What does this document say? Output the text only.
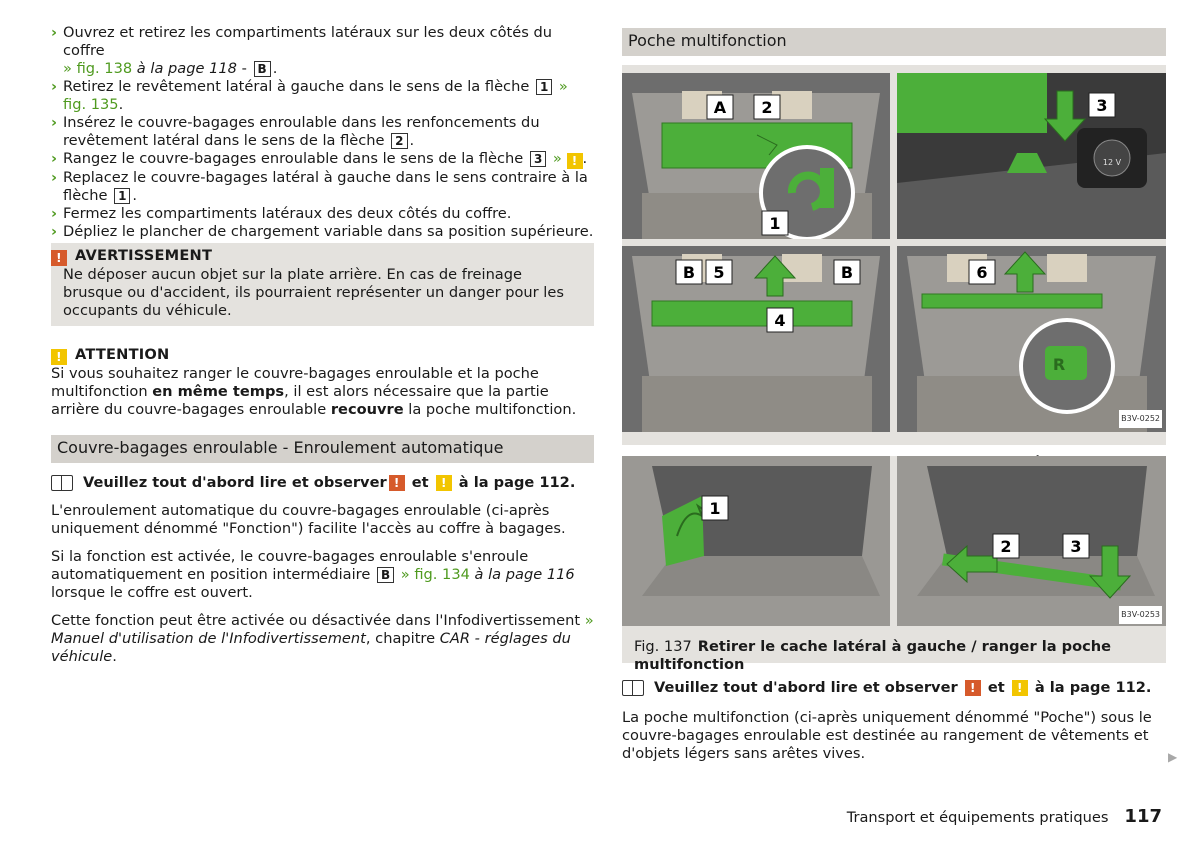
› Ouvrez et retirez les compartiments latéraux sur les deux côtés du coffre
» fig. 138 à la page 118 - B .
› Retirez le revêtement latéral à gauche dans le sens de la flèche 1 » fig. 135.
› Insérez le couvre-bagages enroulable dans les renfoncements du revêtement latéral dans le sens de la flèche 2 .
› Rangez le couvre-bagages enroulable dans le sens de la flèche 3 » ! .
› Replacez le couvre-bagages latéral à gauche dans le sens contraire à la flèche 1 .
› Fermez les compartiments latéraux des deux côtés du coffre.
› Dépliez le plancher de chargement variable dans sa position supérieure.
! AVERTISSEMENT
Ne déposer aucun objet sur la plate arrière. En cas de freinage brusque ou d'accident, ils pourraient représenter un danger pour les occupants du véhicule.
! ATTENTION
Si vous souhaitez ranger le couvre-bagages enroulable et la poche multifonction en même temps, il est alors nécessaire que la partie arrière du couvre-bagages enroulable recouvre la poche multifonction.
Couvre-bagages enroulable - Enroulement automatique
Veuillez tout d'abord lire et observer ! et ! à la page 112.
L'enroulement automatique du couvre-bagages enroulable (ci-après uniquement dénommé "Fonction") facilite l'accès au coffre à bagages.
Si la fonction est activée, le couvre-bagages enroulable s'enroule automatiquement en position intermédiaire B » fig. 134 à la page 116 lorsque le coffre est ouvert.
Cette fonction peut être activée ou désactivée dans l'Infodivertissement » Manuel d'utilisation de l'Infodivertissement, chapitre CAR - réglages du véhicule.
Poche multifonction
A 2
1
12 V
3
B 5	B
4
R
6
B3V-0252
1
2	3
B3V-0253
Fig. 137 Retirer le cache latéral à gauche / ranger la poche multifonction
Veuillez tout d'abord lire et observer ! et ! à la page 112.
La poche multifonction (ci-après uniquement dénommé "Poche") sous le couvre-bagages enroulable est destinée au rangement de vêtements et d'objets légers sans arêtes vives.	▶
Transport et équipements pratiques 117
